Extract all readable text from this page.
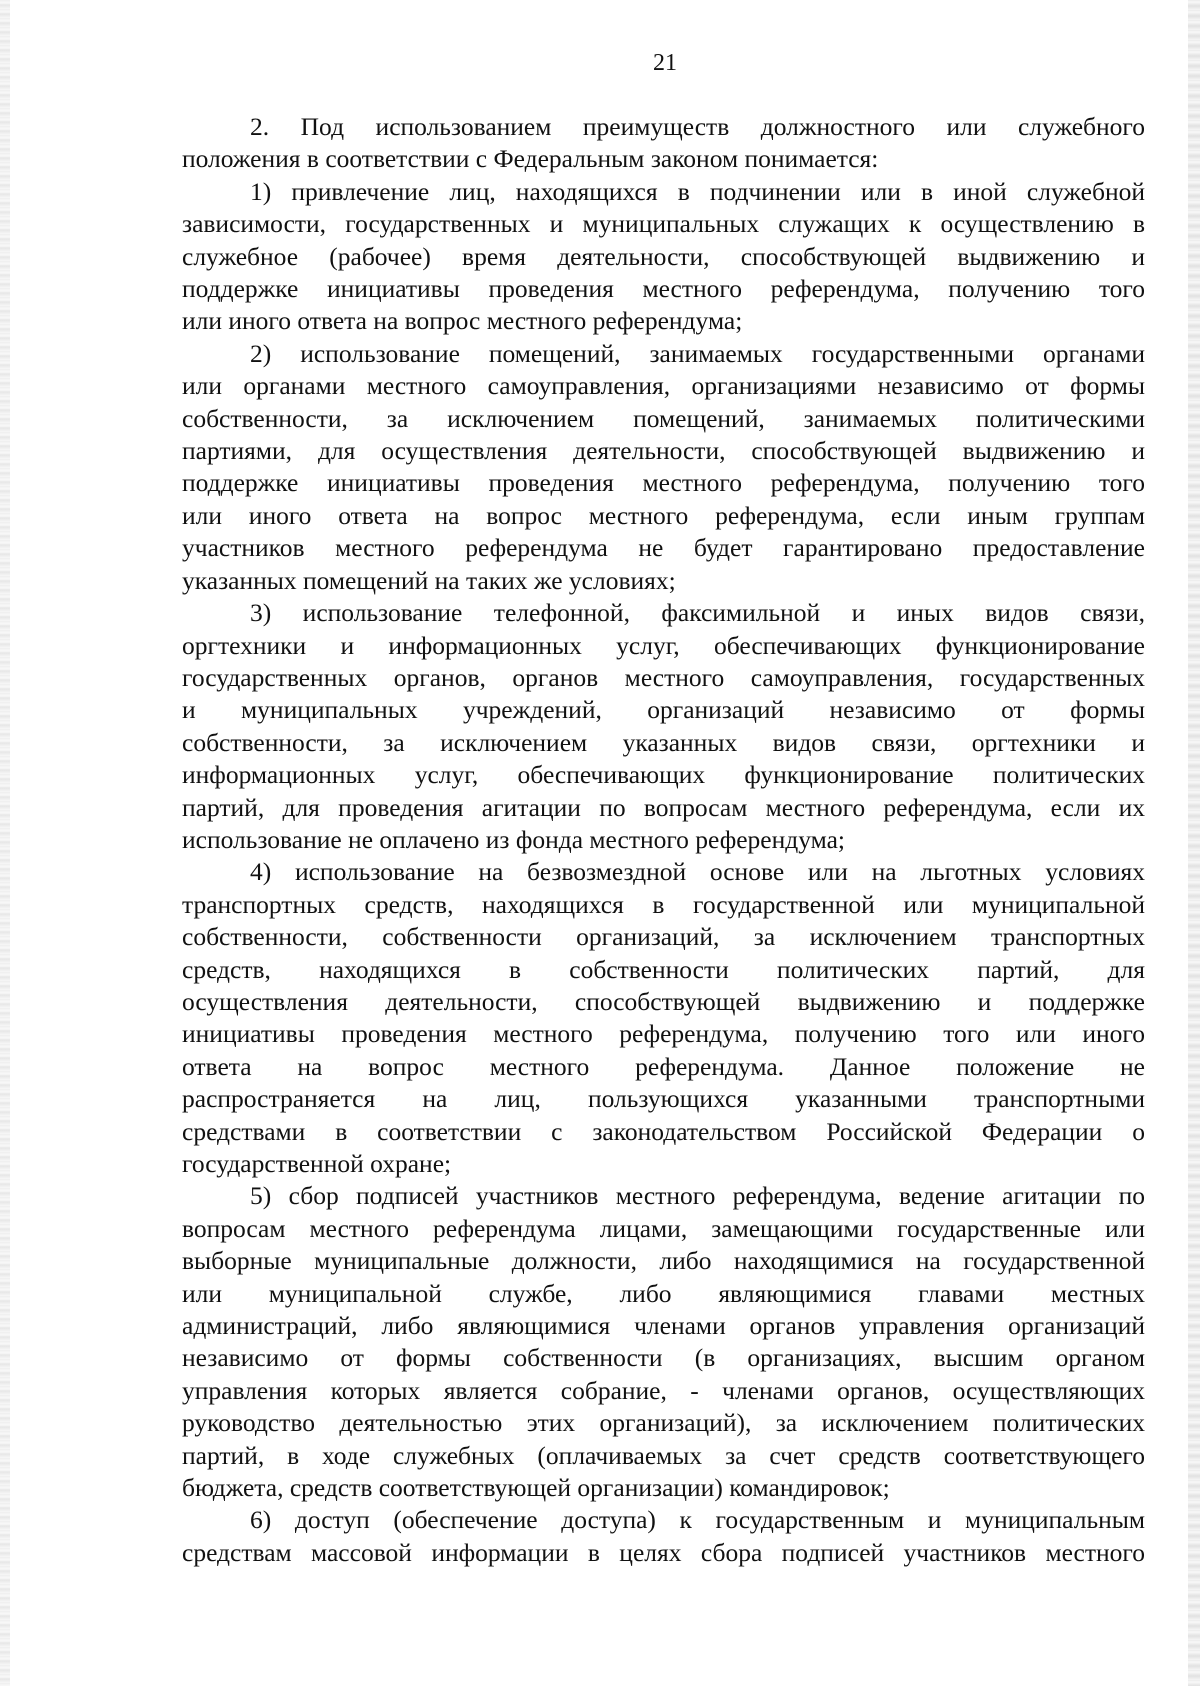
21
2. Под использованием преимуществ должностного или служебного
положения в соответствии с Федеральным законом понимается:
1) привлечение лиц, находящихся в подчинении или в иной служебной
зависимости, государственных и муниципальных служащих к осуществлению в
служебное (рабочее) время деятельности, способствующей выдвижению и
поддержке инициативы проведения местного референдума, получению того
или иного ответа на вопрос местного референдума;
2) использование помещений, занимаемых государственными органами
или органами местного самоуправления, организациями независимо от формы
собственности, за исключением помещений, занимаемых политическими
партиями, для осуществления деятельности, способствующей выдвижению и
поддержке инициативы проведения местного референдума, получению того
или иного ответа на вопрос местного референдума, если иным группам
участников местного референдума не будет гарантировано предоставление
указанных помещений на таких же условиях;
3) использование телефонной, факсимильной и иных видов связи,
оргтехники и информационных услуг, обеспечивающих функционирование
государственных органов, органов местного самоуправления, государственных
и муниципальных учреждений, организаций независимо от формы
собственности, за исключением указанных видов связи, оргтехники и
информационных услуг, обеспечивающих функционирование политических
партий, для проведения агитации по вопросам местного референдума, если их
использование не оплачено из фонда местного референдума;
4) использование на безвозмездной основе или на льготных условиях
транспортных средств, находящихся в государственной или муниципальной
собственности, собственности организаций, за исключением транспортных
средств, находящихся в собственности политических партий, для
осуществления деятельности, способствующей выдвижению и поддержке
инициативы проведения местного референдума, получению того или иного
ответа на вопрос местного референдума. Данное положение не
распространяется на лиц, пользующихся указанными транспортными
средствами в соответствии с законодательством Российской Федерации о
государственной охране;
5) сбор подписей участников местного референдума, ведение агитации по
вопросам местного референдума лицами, замещающими государственные или
выборные муниципальные должности, либо находящимися на государственной
или муниципальной службе, либо являющимися главами местных
администраций, либо являющимися членами органов управления организаций
независимо от формы собственности (в организациях, высшим органом
управления которых является собрание, - членами органов, осуществляющих
руководство деятельностью этих организаций), за исключением политических
партий, в ходе служебных (оплачиваемых за счет средств соответствующего
бюджета, средств соответствующей организации) командировок;
6) доступ (обеспечение доступа) к государственным и муниципальным
средствам массовой информации в целях сбора подписей участников местного
